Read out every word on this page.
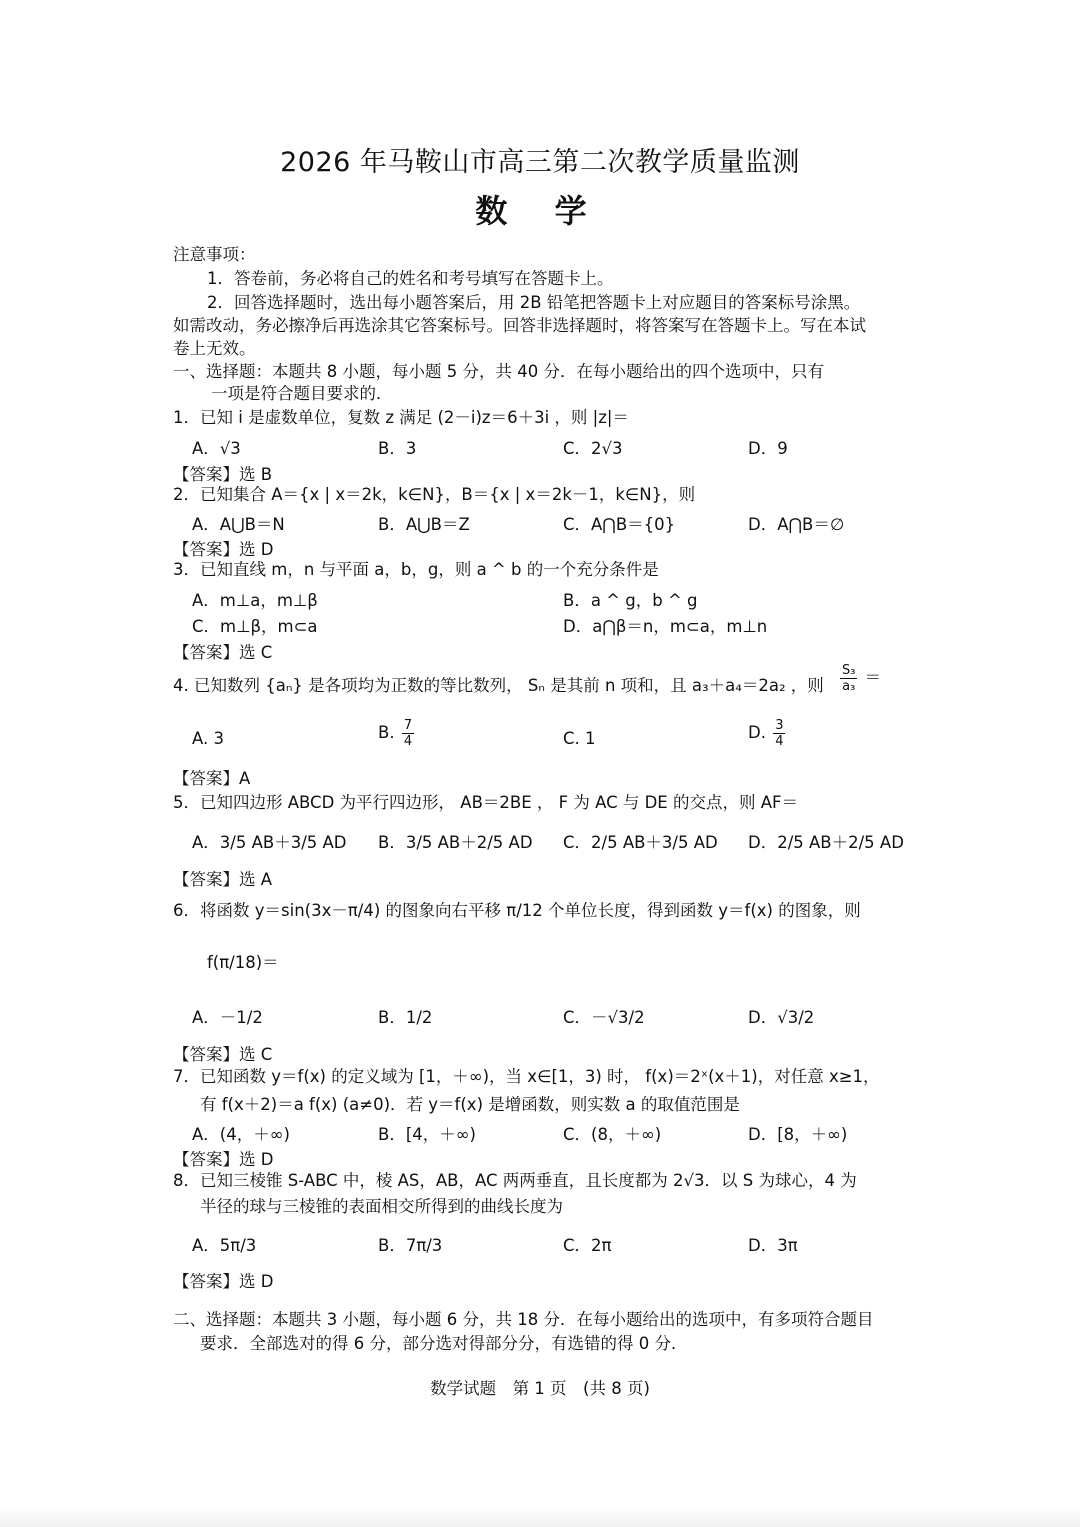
2026 年马鞍山市高三第二次教学质量监测
数 学
注意事项：
1．答卷前，务必将自己的姓名和考号填写在答题卡上。
2．回答选择题时，选出每小题答案后，用 2B 铅笔把答题卡上对应题目的答案标号涂黑。
如需改动，务必擦净后再选涂其它答案标号。回答非选择题时，将答案写在答题卡上。写在本试
卷上无效。
一、选择题：本题共 8 小题，每小题 5 分，共 40 分．在每小题给出的四个选项中，只有
一项是符合题目要求的．
1．已知 i 是虚数单位，复数 z 满足 (2－i)z＝6＋3i ，则 |z|＝
A．√3	B．3	C．2√3	D．9
【答案】选 B
2．已知集合 A＝{x | x＝2k，k∈N}，B＝{x | x＝2k－1，k∈N}，则
A．A⋃B＝N	B．A⋃B＝Z	C．A⋂B＝{0}	D．A⋂B＝∅
【答案】选 D
3．已知直线 m，n 与平面 a，b，g，则 a ^ b 的一个充分条件是
A．m⊥a，m⊥β	B．a ^ g，b ^ g
C．m⊥β，m⊂a	D．a⋂β＝n，m⊂a，m⊥n
【答案】选 C
4. 已知数列 {aₙ} 是各项均为正数的等比数列， Sₙ 是其前 n 项和，且 a₃＋a₄＝2a₂ ，则 $\frac{\text{S₃}}{\text{a₃}}$ ＝
A. 3	B. $\frac{7}{4}$	C. 1	D. $\frac{3}{4}$
【答案】A
5．已知四边形 ABCD 为平行四边形， AB＝2BE ， F 为 AC 与 DE 的交点，则 AF＝
A．3/5 AB＋3/5 AD B．3/5 AB＋2/5 AD C．2/5 AB＋3/5 AD D．2/5 AB＋2/5 AD
【答案】选 A
6．将函数 y＝sin(3x－π/4) 的图象向右平移 π/12 个单位长度，得到函数 y＝f(x) 的图象，则
f(π/18)＝
A．－1/2	B．1/2	C．－√3/2	D．√3/2
【答案】选 C
7．已知函数 y＝f(x) 的定义域为 [1，＋∞)，当 x∈[1，3) 时， f(x)＝2ˣ(x＋1)，对任意 x≥1，
有 f(x＋2)＝a f(x) (a≠0)．若 y＝f(x) 是增函数，则实数 a 的取值范围是
A．(4，＋∞)	B．[4，＋∞)	C．(8，＋∞)	D．[8，＋∞)
【答案】选 D
8．已知三棱锥 S-ABC 中，棱 AS，AB，AC 两两垂直，且长度都为 2√3．以 S 为球心，4 为
半径的球与三棱锥的表面相交所得到的曲线长度为
A．5π/3	B．7π/3	C．2π	D．3π
【答案】选 D
二、选择题：本题共 3 小题，每小题 6 分，共 18 分．在每小题给出的选项中，有多项符合题目
要求．全部选对的得 6 分，部分选对得部分分，有选错的得 0 分．
数学试题　第 1 页　(共 8 页)
